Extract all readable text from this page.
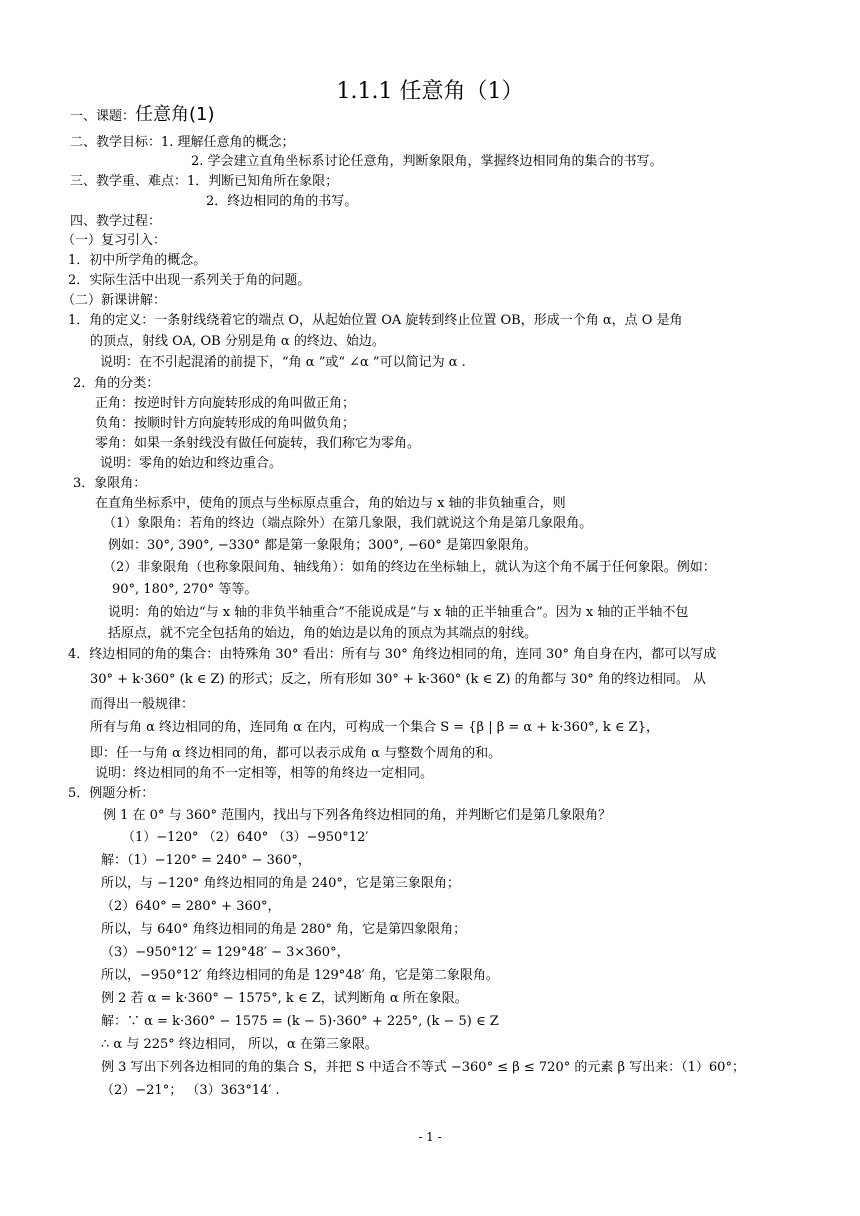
1.1.1 任意角（1）
一、课题：任意角(1)
二、教学目标：1. 理解任意角的概念；
2. 学会建立直角坐标系讨论任意角，判断象限角，掌握终边相同角的集合的书写。
三、教学重、难点：1．判断已知角所在象限；
2．终边相同的角的书写。
四、教学过程：
（一）复习引入：
1．初中所学角的概念。
2．实际生活中出现一系列关于角的问题。
（二）新课讲解：
1．角的定义：一条射线绕着它的端点 O，从起始位置 OA 旋转到终止位置 OB，形成一个角 α，点 O 是角
的顶点，射线 OA, OB 分别是角 α 的终边、始边。
说明：在不引起混淆的前提下，“角 α ”或“ ∠α ”可以简记为 α .
2．角的分类：
正角：按逆时针方向旋转形成的角叫做正角；
负角：按顺时针方向旋转形成的角叫做负角；
零角：如果一条射线没有做任何旋转，我们称它为零角。
说明：零角的始边和终边重合。
3．象限角：
在直角坐标系中，使角的顶点与坐标原点重合，角的始边与 x 轴的非负轴重合，则
（1）象限角：若角的终边（端点除外）在第几象限，我们就说这个角是第几象限角。
例如：30°, 390°, −330° 都是第一象限角；300°, −60° 是第四象限角。
（2）非象限角（也称象限间角、轴线角）：如角的终边在坐标轴上，就认为这个角不属于任何象限。例如：
90°, 180°, 270° 等等。
说明：角的始边“与 x 轴的非负半轴重合”不能说成是“与 x 轴的正半轴重合”。因为 x 轴的正半轴不包
括原点，就不完全包括角的始边，角的始边是以角的顶点为其端点的射线。
4．终边相同的角的集合：由特殊角 30° 看出：所有与 30° 角终边相同的角，连同 30° 角自身在内，都可以写成
30° + k·360° (k ∈ Z) 的形式；反之，所有形如 30° + k·360° (k ∈ Z) 的角都与 30° 角的终边相同。 从
而得出一般规律：
所有与角 α 终边相同的角，连同角 α 在内，可构成一个集合 S = {β | β = α + k·360°, k ∈ Z}，
即：任一与角 α 终边相同的角，都可以表示成角 α 与整数个周角的和。
说明：终边相同的角不一定相等，相等的角终边一定相同。
5．例题分析：
例 1 在 0° 与 360° 范围内，找出与下列各角终边相同的角，并判断它们是第几象限角？
（1）−120° （2）640° （3）−950°12′
解：（1）−120° = 240° − 360°，
所以，与 −120° 角终边相同的角是 240°，它是第三象限角；
（2）640° = 280° + 360°，
所以，与 640° 角终边相同的角是 280° 角，它是第四象限角；
（3）−950°12′ = 129°48′ − 3×360°，
所以，−950°12′ 角终边相同的角是 129°48′ 角，它是第二象限角。
例 2 若 α = k·360° − 1575°, k ∈ Z，试判断角 α 所在象限。
解：∵ α = k·360° − 1575 = (k − 5)·360° + 225°, (k − 5) ∈ Z
∴ α 与 225° 终边相同， 所以，α 在第三象限。
例 3 写出下列各边相同的角的集合 S，并把 S 中适合不等式 −360° ≤ β ≤ 720° 的元素 β 写出来：（1）60°；
（2）−21°； （3）363°14′ .
- 1 -
